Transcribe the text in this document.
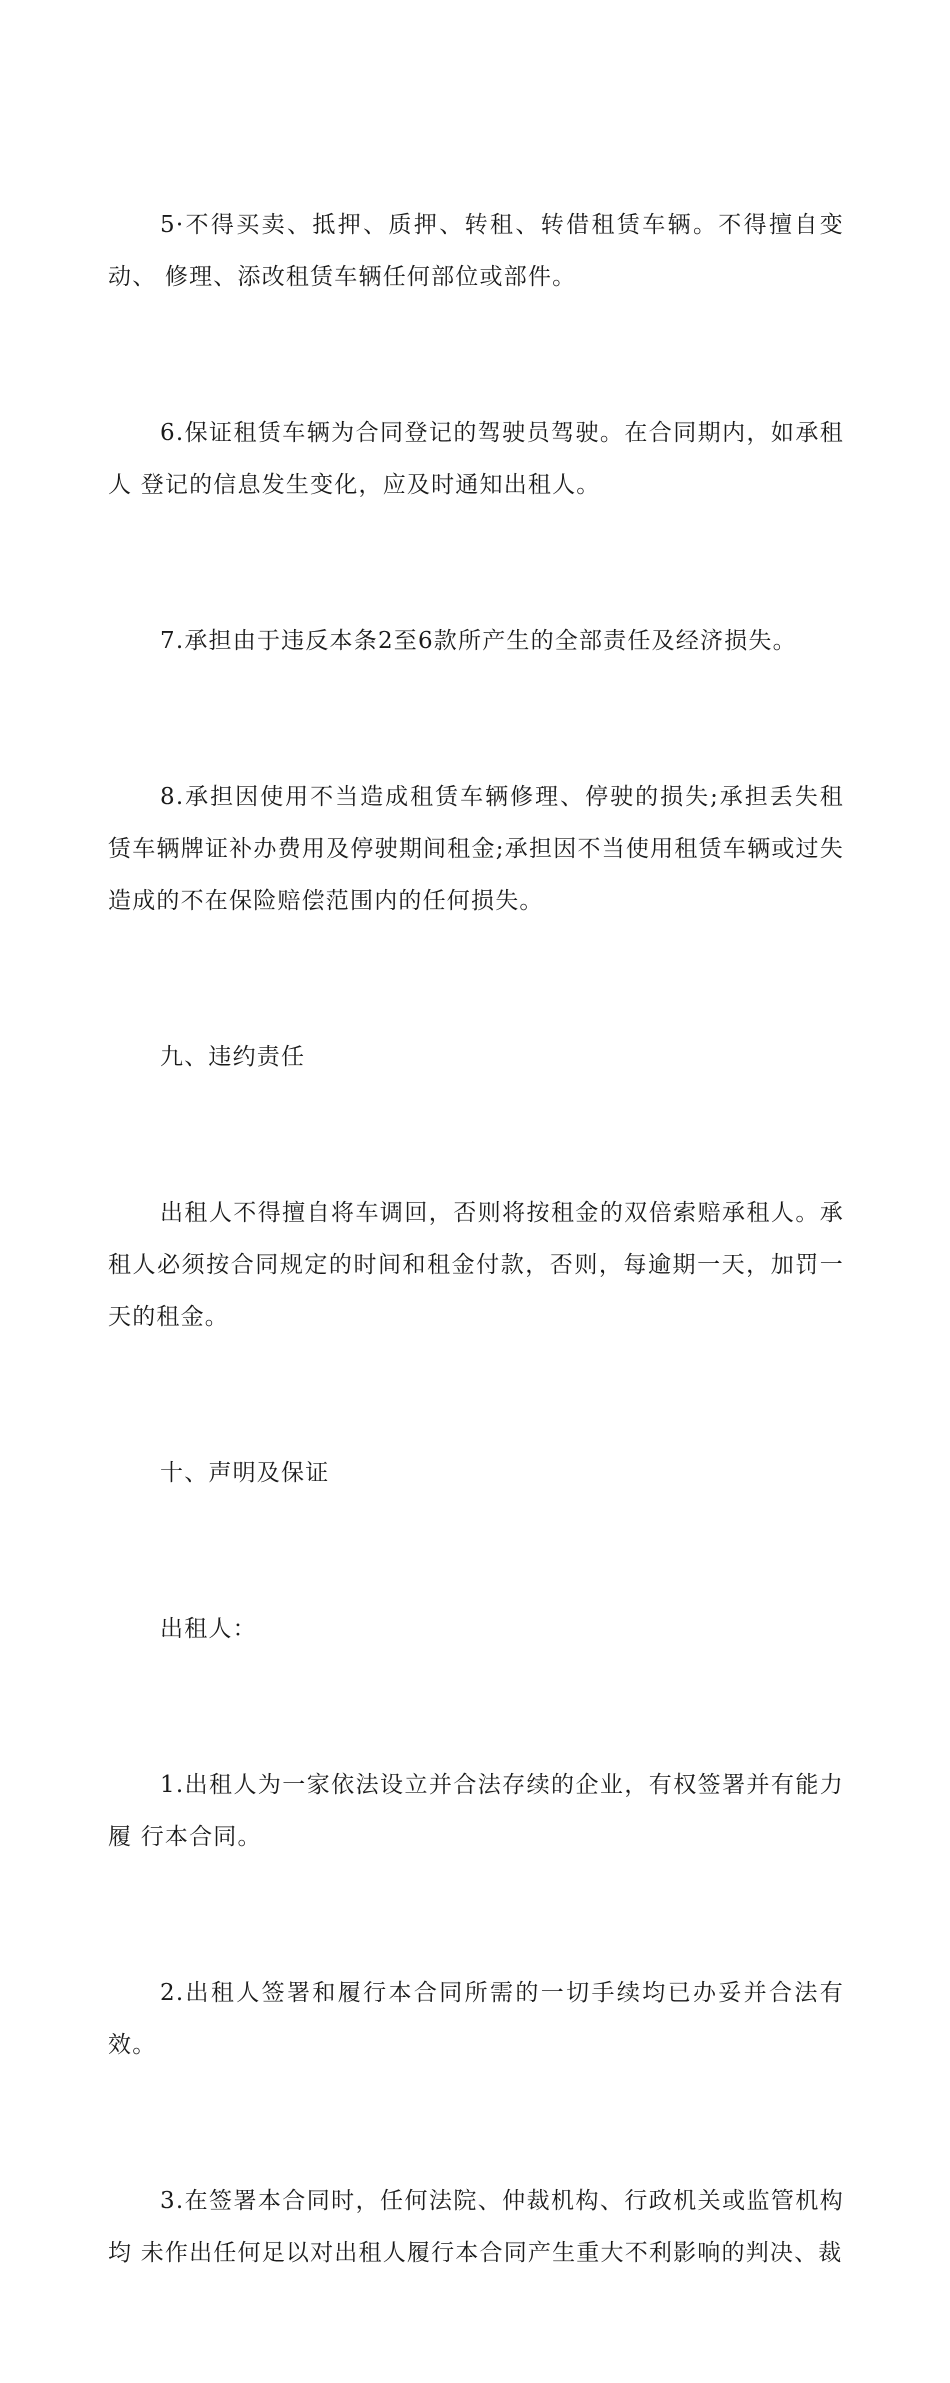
5·不得买卖、抵押、质押、转租、转借租赁车辆。不得擅自变动、 修理、添改租赁车辆任何部位或部件。

6.保证租赁车辆为合同登记的驾驶员驾驶。在合同期内，如承租人 登记的信息发生变化，应及时通知出租人。

7.承担由于违反本条2至6款所产生的全部责任及经济损失。

8.承担因使用不当造成租赁车辆修理、停驶的损失;承担丢失租赁车辆牌证补办费用及停驶期间租金;承担因不当使用租赁车辆或过失造成的不在保险赔偿范围内的任何损失。

九、违约责任

出租人不得擅自将车调回，否则将按租金的双倍索赔承租人。承租人必须按合同规定的时间和租金付款，否则，每逾期一天，加罚一天的租金。

十、声明及保证

出租人：

1.出租人为一家依法设立并合法存续的企业，有权签署并有能力履 行本合同。

2.出租人签署和履行本合同所需的一切手续均已办妥并合法有效。

3.在签署本合同时，任何法院、仲裁机构、行政机关或监管机构均 未作出任何足以对出租人履行本合同产生重大不利影响的判决、裁
